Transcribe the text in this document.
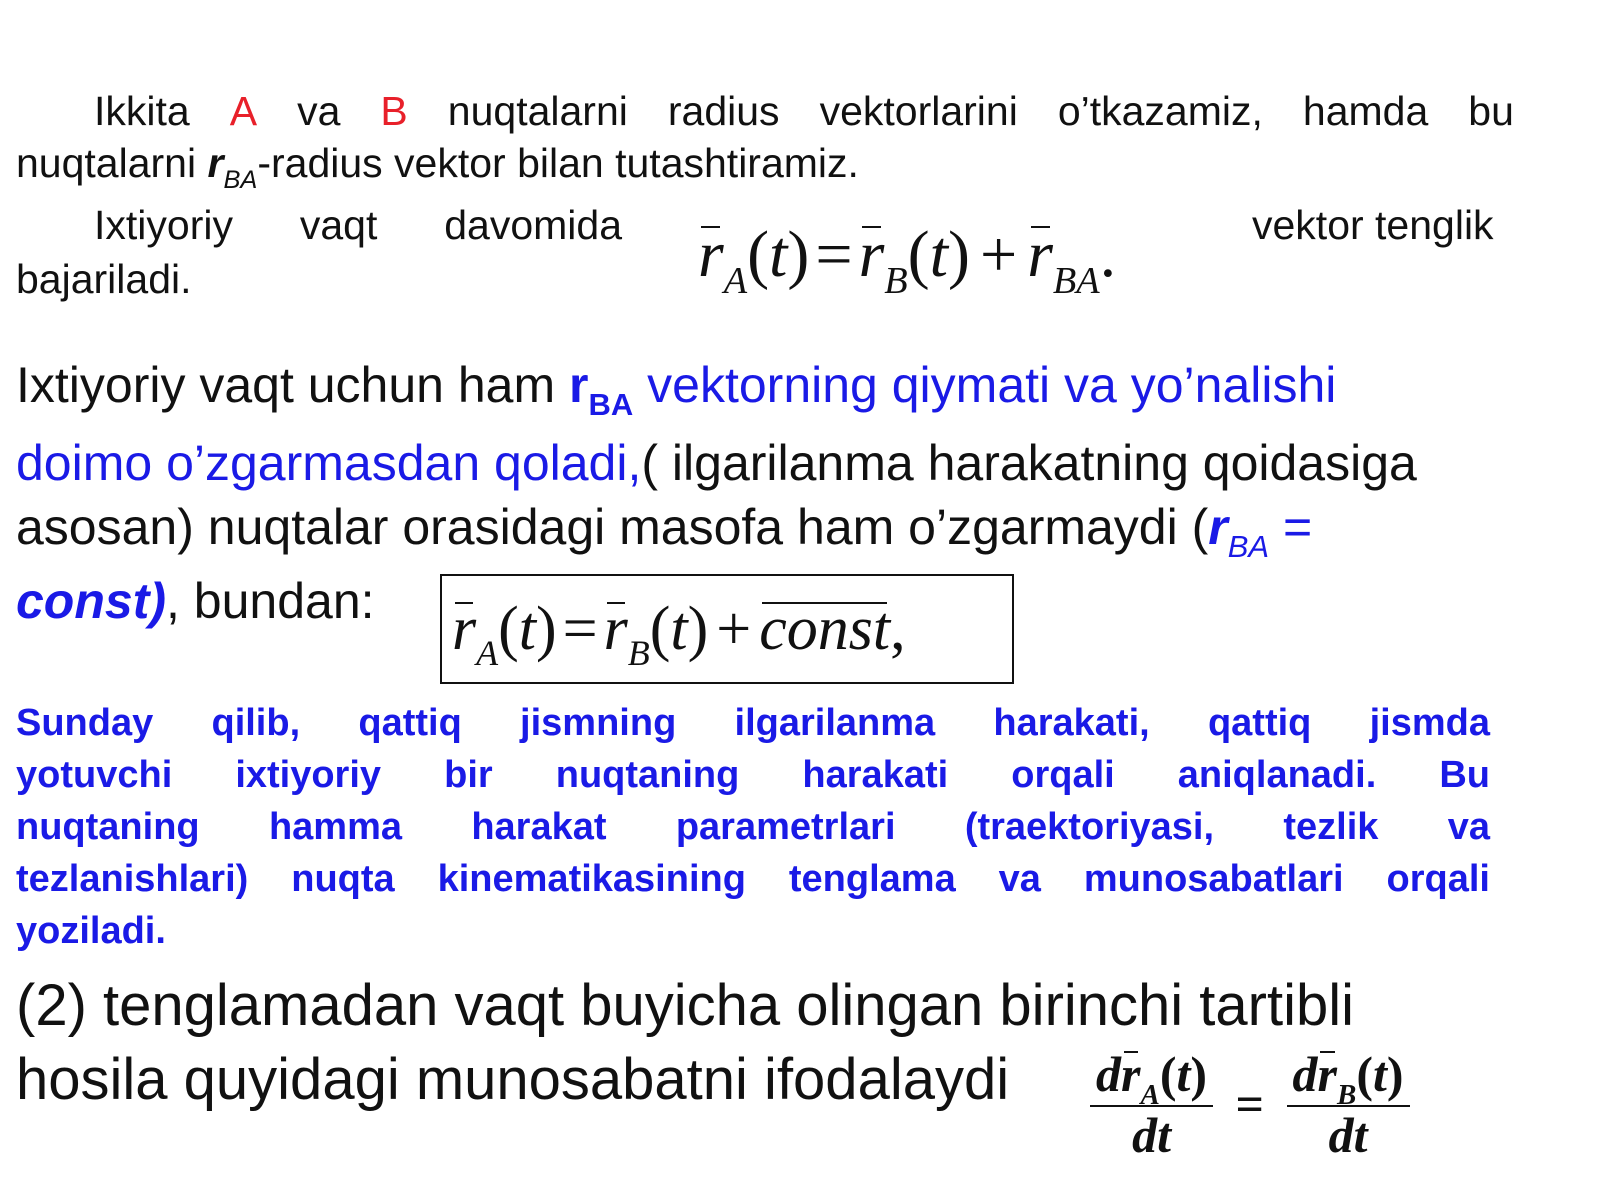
Ikkita A va B nuqtalarni radius vektorlarini o’tkazamiz, hamda bu
nuqtalarni $r_{BA}$-radius vektor bilan tutashtiramiz.
Ixtiyoriy vaqt davomida	vektor tenglik
bajariladi.	$r_A(t)=r_B(t) + r_{BA}$.
Ixtiyoriy vaqt uchun ham $r_{BA}$ vektorning qiymati va yo’nalishi
doimo o’zgarmasdan qoladi,( ilgarilanma harakatning qoidasiga
asosan) nuqtalar orasidagi masofa ham o’zgarmaydi ($r_{BA}$ =
const), bundan: $r_A(t)=r_B(t)$ + const,
Sunday qilib, qattiq jismning ilgarilanma harakati, qattiq jismda
yotuvchi ixtiyoriy bir nuqtaning harakati orqali aniqlanadi. Bu
nuqtaning hamma harakat parametrlari (traektoriyasi, tezlik va
tezlanishlari) nuqta kinematikasining tenglama va munosabatlari orqali
yoziladi.
(2) tenglamadan vaqt buyicha olingan birinchi tartibli
hosila quyidagi munosabatni ifodalaydi $\frac{dr_A(t)}{dt} = \frac{dr_B(t)}{dt}$
